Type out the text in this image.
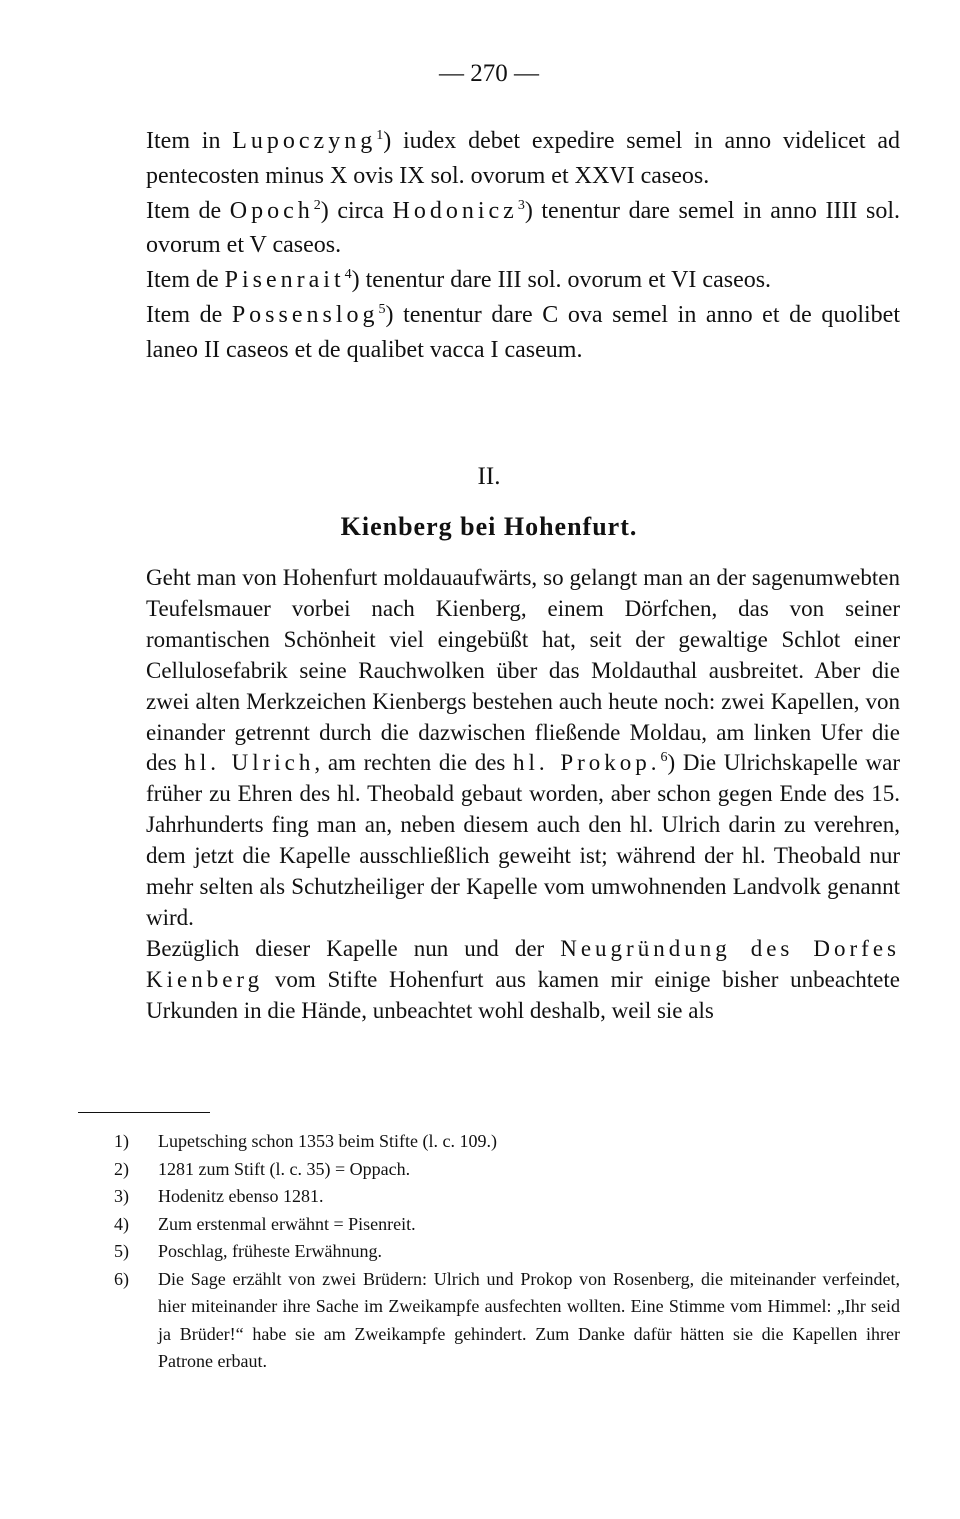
— 270 —

Item in Lupoczyng$^1$) iudex debet expedire semel in anno videlicet ad pentecosten minus X ovis IX sol. ovorum et XXVI caseos.

Item de Opoch$^2$) circa Hodonicz$^3$) tenentur dare semel in anno IIII sol. ovorum et V caseos.

Item de Pisenrait$^4$) tenentur dare III sol. ovorum et VI caseos.

Item de Possenslog$^5$) tenentur dare C ova semel in anno et de quolibet laneo II caseos et de qualibet vacca I caseum.

II.
Kienberg bei Hohenfurt.

Geht man von Hohenfurt moldauaufwärts, so gelangt man an der sagenumwebten Teufelsmauer vorbei nach Kienberg, einem Dörfchen, das von seiner romantischen Schönheit viel eingebüßt hat, seit der gewaltige Schlot einer Cellulosefabrik seine Rauchwolken über das Moldauthal ausbreitet. Aber die zwei alten Merkzeichen Kienbergs bestehen auch heute noch: zwei Kapellen, von einander getrennt durch die dazwischen fließende Moldau, am linken Ufer die des hl. Ulrich, am rechten die des hl. Prokop.$^6$) Die Ulrichskapelle war früher zu Ehren des hl. Theobald gebaut worden, aber schon gegen Ende des 15. Jahrhunderts fing man an, neben diesem auch den hl. Ulrich darin zu verehren, dem jetzt die Kapelle ausschließlich geweiht ist; während der hl. Theobald nur mehr selten als Schutzheiliger der Kapelle vom umwohnenden Landvolk genannt wird.

Bezüglich dieser Kapelle nun und der Neugründung des Dorfes Kienberg vom Stifte Hohenfurt aus kamen mir einige bisher unbeachtete Urkunden in die Hände, unbeachtet wohl deshalb, weil sie als

1)	Lupetsching schon 1353 beim Stifte (l. c. 109.)

2)	1281 zum Stift (l. c. 35) = Oppach.

3)	Hodenitz ebenso 1281.

4)	Zum erstenmal erwähnt = Pisenreit.

5)	Poschlag, früheste Erwähnung.

6)	Die Sage erzählt von zwei Brüdern: Ulrich und Prokop von Rosenberg, die miteinander verfeindet, hier miteinander ihre Sache im Zweikampfe ausfechten wollten. Eine Stimme vom Himmel: „Ihr seid ja Brüder!“ habe sie am Zweikampfe gehindert. Zum Danke dafür hätten sie die Kapellen ihrer Patrone erbaut.
